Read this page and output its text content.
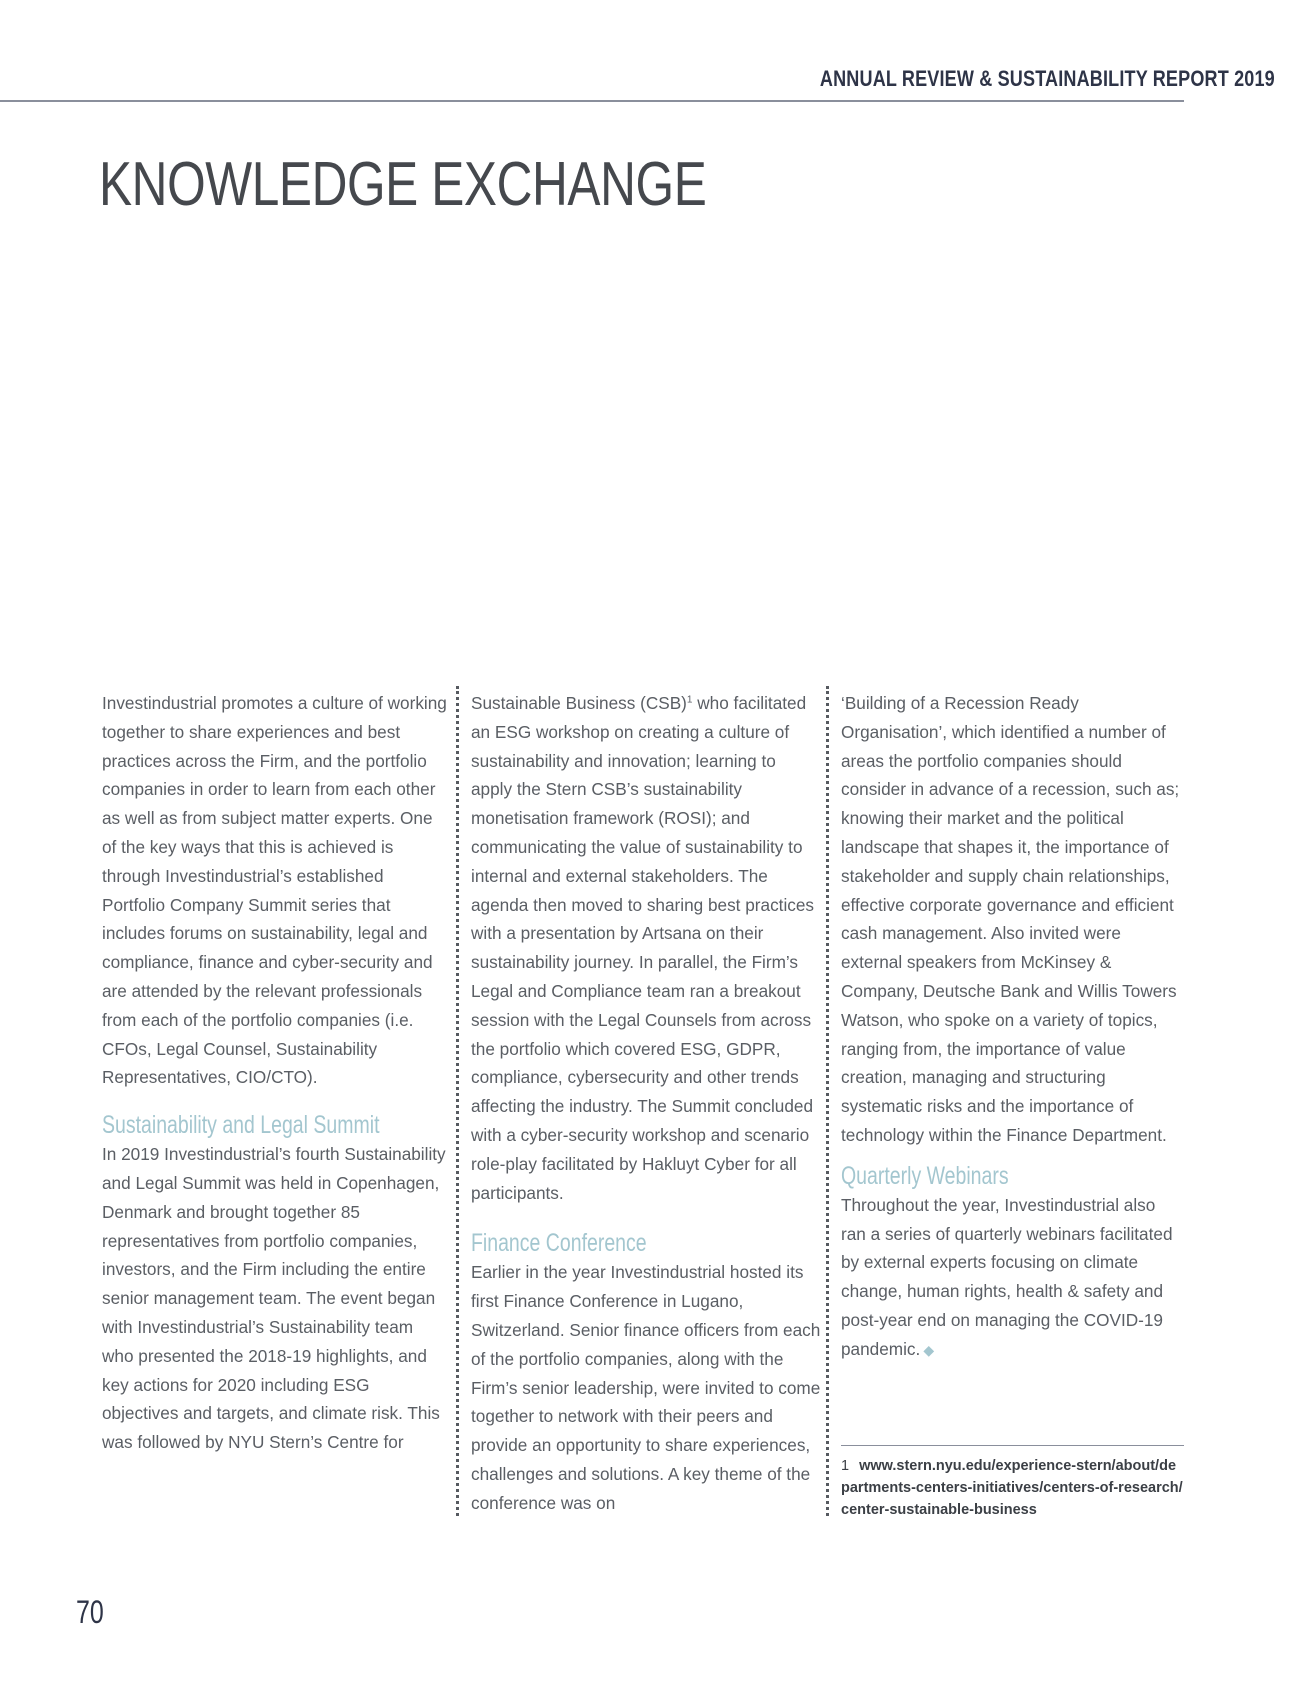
ANNUAL REVIEW & SUSTAINABILITY REPORT 2019
KNOWLEDGE EXCHANGE

Investindustrial promotes a culture of working together to share experiences and best practices across the Firm, and the portfolio companies in order to learn from each other as well as from subject matter experts. One of the key ways that this is achieved is through Investindustrial’s established Portfolio Company Summit series that includes forums on sustainability, legal and compliance, finance and cyber-security and are attended by the relevant professionals from each of the portfolio companies (i.e. CFOs, Legal Counsel, Sustainability Representatives, CIO/CTO).

Sustainability and Legal Summit

In 2019 Investindustrial’s fourth Sustainability and Legal Summit was held in Copenhagen, Denmark and brought together 85 representatives from portfolio companies, investors, and the Firm including the entire senior management team. The event began with Investindustrial’s Sustainability team who presented the 2018-19 highlights, and key actions for 2020 including ESG objectives and targets, and climate risk. This was followed by NYU Stern’s Centre for

Sustainable Business (CSB)$^1$ who facilitated an ESG workshop on creating a culture of sustainability and innovation; learning to apply the Stern CSB’s sustainability monetisation framework (ROSI); and communicating the value of sustainability to internal and external stakeholders. The agenda then moved to sharing best practices with a presentation by Artsana on their sustainability journey. In parallel, the Firm’s Legal and Compliance team ran a breakout session with the Legal Counsels from across the portfolio which covered ESG, GDPR, compliance, cybersecurity and other trends affecting the industry. The Summit concluded with a cyber-security workshop and scenario role-play facilitated by Hakluyt Cyber for all participants.

Finance Conference

Earlier in the year Investindustrial hosted its first Finance Conference in Lugano, Switzerland. Senior finance officers from each of the portfolio companies, along with the Firm’s senior leadership, were invited to come together to network with their peers and provide an opportunity to share experiences, challenges and solutions. A key theme of the conference was on

‘Building of a Recession Ready Organisation’, which identified a number of areas the portfolio companies should consider in advance of a recession, such as; knowing their market and the political landscape that shapes it, the importance of stakeholder and supply chain relationships, effective corporate governance and efficient cash management. Also invited were external speakers from McKinsey & Company, Deutsche Bank and Willis Towers Watson, who spoke on a variety of topics, ranging from, the importance of value creation, managing and structuring systematic risks and the importance of technology within the Finance Department.

Quarterly Webinars

Throughout the year, Investindustrial also ran a series of quarterly webinars facilitated by external experts focusing on climate change, human rights, health & safety and post-year end on managing the COVID-19 pandemic. ◆

1 www.stern.nyu.edu/experience-stern/about/departments-centers-initiatives/centers-of-research/center-sustainable-business
70
